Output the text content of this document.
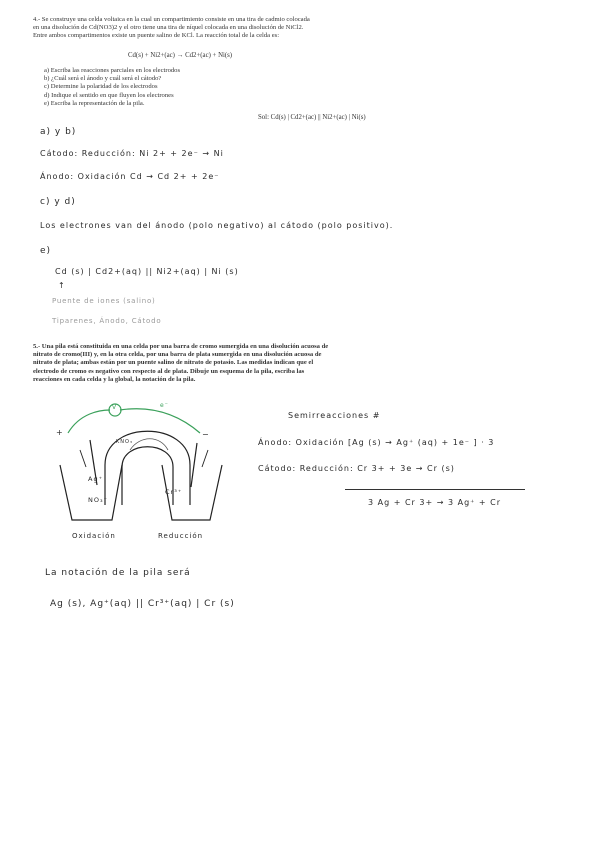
4.- Se construye una celda voltaica en la cual un compartimiento consiste en una tira de cadmio colocada

en una disolución de Cd(NO3)2 y el otro tiene una tira de níquel colocada en una disolución de NiCl2.

Entre ambos compartimentos existe un puente salino de KCl. La reacción total de la celda es:

Cd(s) + Ni2+(ac) → Cd2+(ac) + Ni(s)
a) Escriba las reacciones parciales en los electrodos
b) ¿Cuál será el ánodo y cuál será el cátodo?
c) Determine la polaridad de los electrodos
d) Indique el sentido en que fluyen los electrones
e) Escriba la representación de la pila.
Sol: Cd(s) | Cd2+(ac) || Ni2+(ac) | Ni(s)
a) y b)
Cátodo: Reducción: Ni 2+ + 2e⁻ → Ni
Ánodo: Oxidación Cd → Cd 2+ + 2e⁻
c) y d)
Los electrones van del ánodo (polo negativo) al cátodo (polo positivo).
e)
Cd (s) | Cd2+(aq) || Ni2+(aq) | Ni (s)
↑
Puente de iones (salino)
Tiparenes, Ánodo, Cátodo

5.- Una pila está constituida en una celda por una barra de cromo sumergida en una disolución acuosa de

nitrato de cromo(III) y, en la otra celda, por una barra de plata sumergida en una disolución acuosa de

nitrato de plata; ambas están por un puente salino de nitrato de potasio. Las medidas indican que el

electrodo de cromo es negativo con respecto al de plata. Dibuje un esquema de la pila, escriba las

reacciones en cada celda y la global, la notación de la pila.

+	−
V	e⁻
Ag⁺
NO₃⁻
Cr³⁺
KNO₃
Oxidación	Reducción
Semirreacciones #
Ánodo: Oxidación [Ag (s) → Ag⁺ (aq) + 1e⁻ ] · 3
Cátodo: Reducción: Cr 3+ + 3e → Cr (s)
3 Ag + Cr 3+ → 3 Ag⁺ + Cr
La notación de la pila será
Ag (s), Ag⁺(aq) || Cr³⁺(aq) | Cr (s)
